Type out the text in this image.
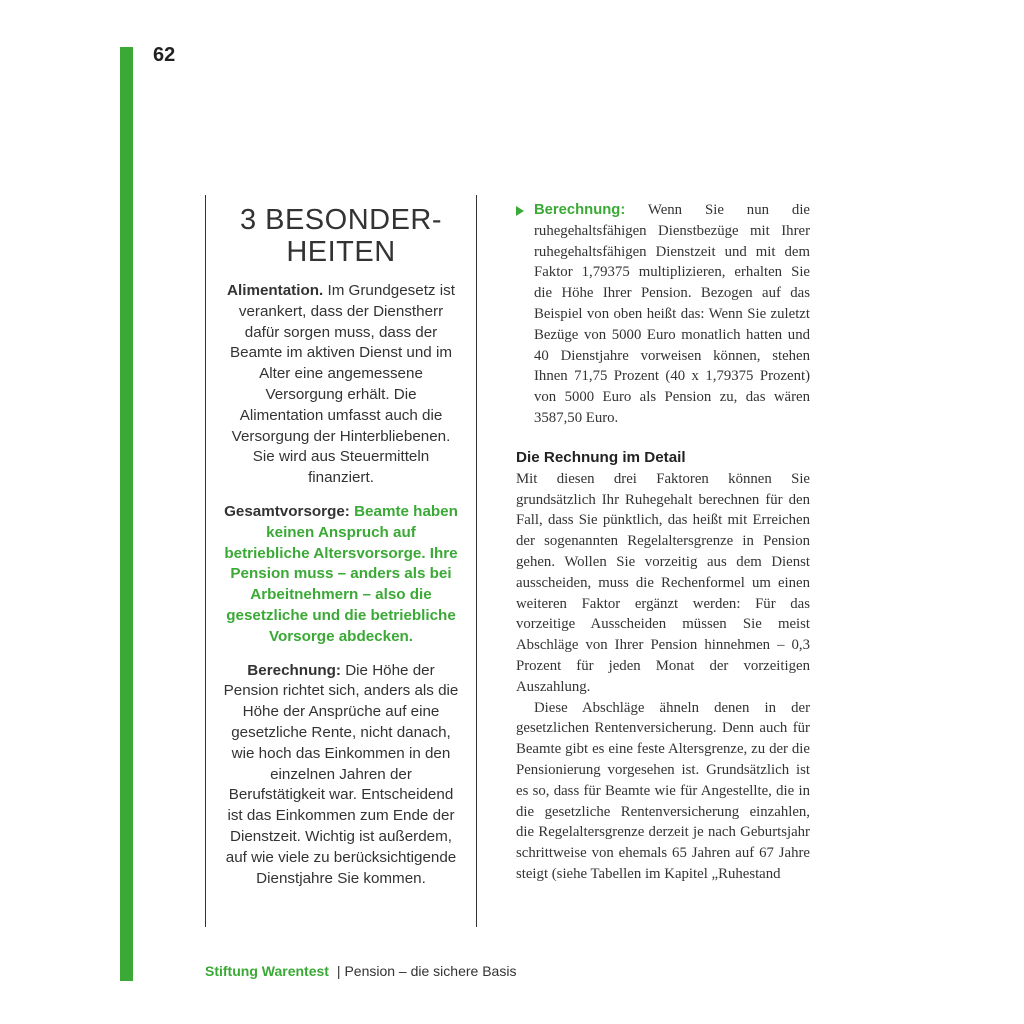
62
3 BESONDER-
HEITEN

Alimentation. Im Grundgesetz ist verankert, dass der Dienstherr dafür sorgen muss, dass der Beamte im aktiven Dienst und im Alter eine angemessene Versorgung erhält. Die Alimentation umfasst auch die Versorgung der Hinterbliebenen. Sie wird aus Steuermitteln finanziert.

Gesamtvorsorge: Beamte haben keinen Anspruch auf betriebliche Altersvorsorge. Ihre Pension muss – anders als bei Arbeitnehmern – also die gesetzliche und die betriebliche Vorsorge abdecken.

Berechnung: Die Höhe der Pension richtet sich, anders als die Höhe der Ansprüche auf eine gesetzliche Rente, nicht danach, wie hoch das Einkommen in den einzelnen Jahren der Berufstätigkeit war. Entscheidend ist das Einkommen zum Ende der Dienstzeit. Wichtig ist außerdem, auf wie viele zu berücksichtigende Dienstjahre Sie kommen.

Berechnung: Wenn Sie nun die ruhegehaltsfähigen Dienstbezüge mit Ihrer ruhegehaltsfähigen Dienstzeit und mit dem Faktor 1,79375 multiplizieren, erhalten Sie die Höhe Ihrer Pension. Bezogen auf das Beispiel von oben heißt das: Wenn Sie zuletzt Bezüge von 5000 Euro monatlich hatten und 40 Dienstjahre vorweisen können, stehen Ihnen 71,75 Prozent (40 x 1,79375 Prozent) von 5000 Euro als Pension zu, das wären 3587,50 Euro.

Die Rechnung im Detail

Mit diesen drei Faktoren können Sie grundsätzlich Ihr Ruhegehalt berechnen für den Fall, dass Sie pünktlich, das heißt mit Erreichen der sogenannten Regelaltersgrenze in Pension gehen. Wollen Sie vorzeitig aus dem Dienst ausscheiden, muss die Rechenformel um einen weiteren Faktor ergänzt werden: Für das vorzeitige Ausscheiden müssen Sie meist Abschläge von Ihrer Pension hinnehmen – 0,3 Prozent für jeden Monat der vorzeitigen Auszahlung.

Diese Abschläge ähneln denen in der gesetzlichen Rentenversicherung. Denn auch für Beamte gibt es eine feste Altersgrenze, zu der die Pensionierung vorgesehen ist. Grundsätzlich ist es so, dass für Beamte wie für Angestellte, die in die gesetzliche Rentenversicherung einzahlen, die Regelaltersgrenze derzeit je nach Geburtsjahr schrittweise von ehemals 65 Jahren auf 67 Jahre steigt (siehe Tabellen im Kapitel „Ruhestand

Stiftung Warentest | Pension – die sichere Basis
